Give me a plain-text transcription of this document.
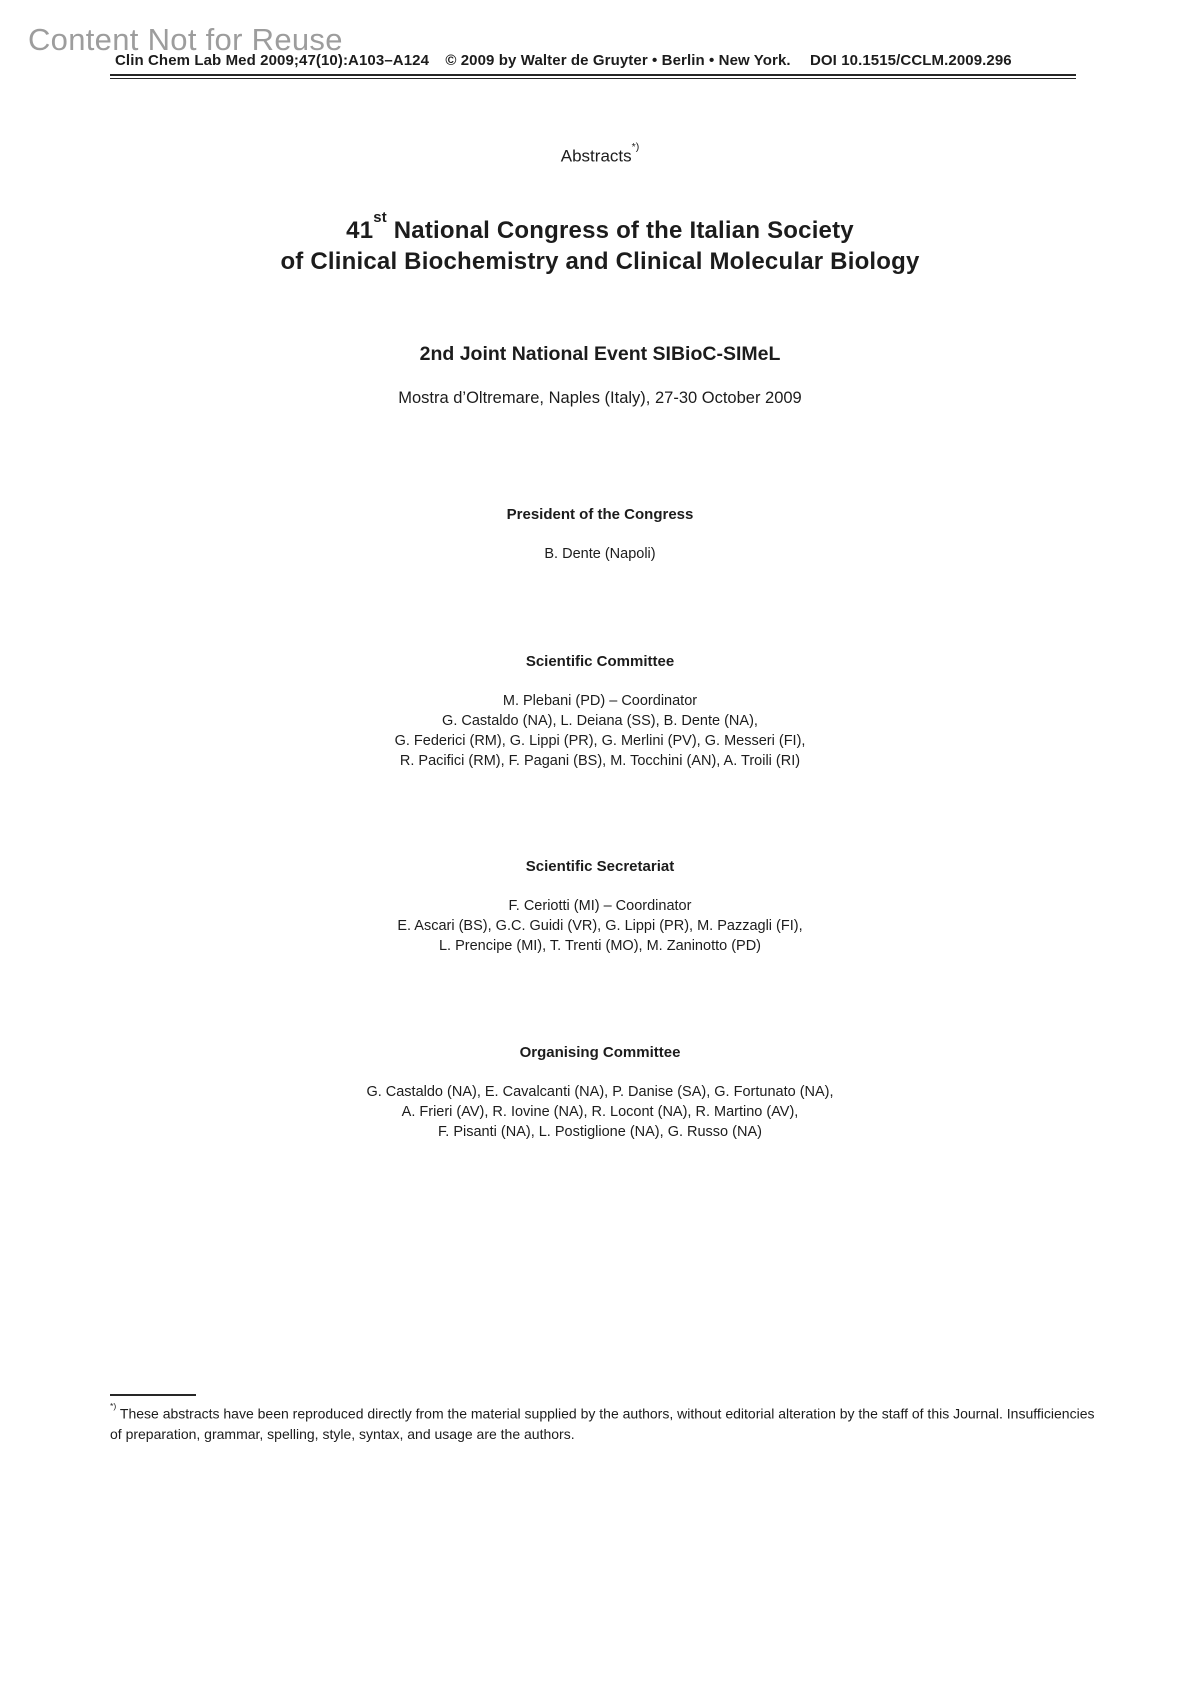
Content Not for Reuse
Clin Chem Lab Med 2009;47(10):A103–A124 © 2009 by Walter de Gruyter • Berlin • New York. DOI 10.1515/CCLM.2009.296
Abstracts*)
41st National Congress of the Italian Society
of Clinical Biochemistry and Clinical Molecular Biology
2nd Joint National Event SIBioC-SIMeL
Mostra d’Oltremare, Naples (Italy), 27-30 October 2009
President of the Congress
B. Dente (Napoli)
Scientific Committee
M. Plebani (PD) – Coordinator
G. Castaldo (NA), L. Deiana (SS), B. Dente (NA),
G. Federici (RM), G. Lippi (PR), G. Merlini (PV), G. Messeri (FI),
R. Pacifici (RM), F. Pagani (BS), M. Tocchini (AN), A. Troili (RI)
Scientific Secretariat
F. Ceriotti (MI) – Coordinator
E. Ascari (BS), G.C. Guidi (VR), G. Lippi (PR), M. Pazzagli (FI),
L. Prencipe (MI), T. Trenti (MO), M. Zaninotto (PD)
Organising Committee
G. Castaldo (NA), E. Cavalcanti (NA), P. Danise (SA), G. Fortunato (NA),
A. Frieri (AV), R. Iovine (NA), R. Locont (NA), R. Martino (AV),
F. Pisanti (NA), L. Postiglione (NA), G. Russo (NA)
*) These abstracts have been reproduced directly from the material supplied by the authors, without editorial alteration by the staff of this Journal. Insufficiencies of preparation, grammar, spelling, style, syntax, and usage are the authors.
